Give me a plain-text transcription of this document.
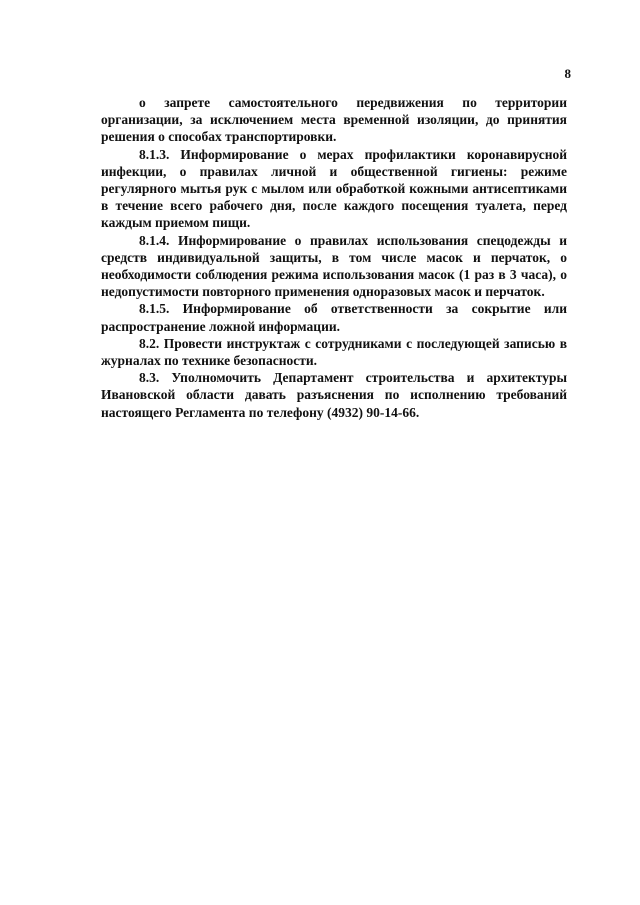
8

о запрете самостоятельного передвижения по территории организации, за исключением места временной изоляции, до принятия решения о способах транспортировки.

8.1.3. Информирование о мерах профилактики коронавирусной инфекции, о правилах личной и общественной гигиены: режиме регулярного мытья рук с мылом или обработкой кожными антисептиками в течение всего рабочего дня, после каждого посещения туалета, перед каждым приемом пищи.

8.1.4. Информирование о правилах использования спецодежды и средств индивидуальной защиты, в том числе масок и перчаток, о необходимости соблюдения режима использования масок (1 раз в 3 часа), о недопустимости повторного применения одноразовых масок и перчаток.

8.1.5. Информирование об ответственности за сокрытие или распространение ложной информации.

8.2. Провести инструктаж с сотрудниками с последующей записью в журналах по технике безопасности.

8.3. Уполномочить Департамент строительства и архитектуры Ивановской области давать разъяснения по исполнению требований настоящего Регламента по телефону (4932) 90-14-66.
